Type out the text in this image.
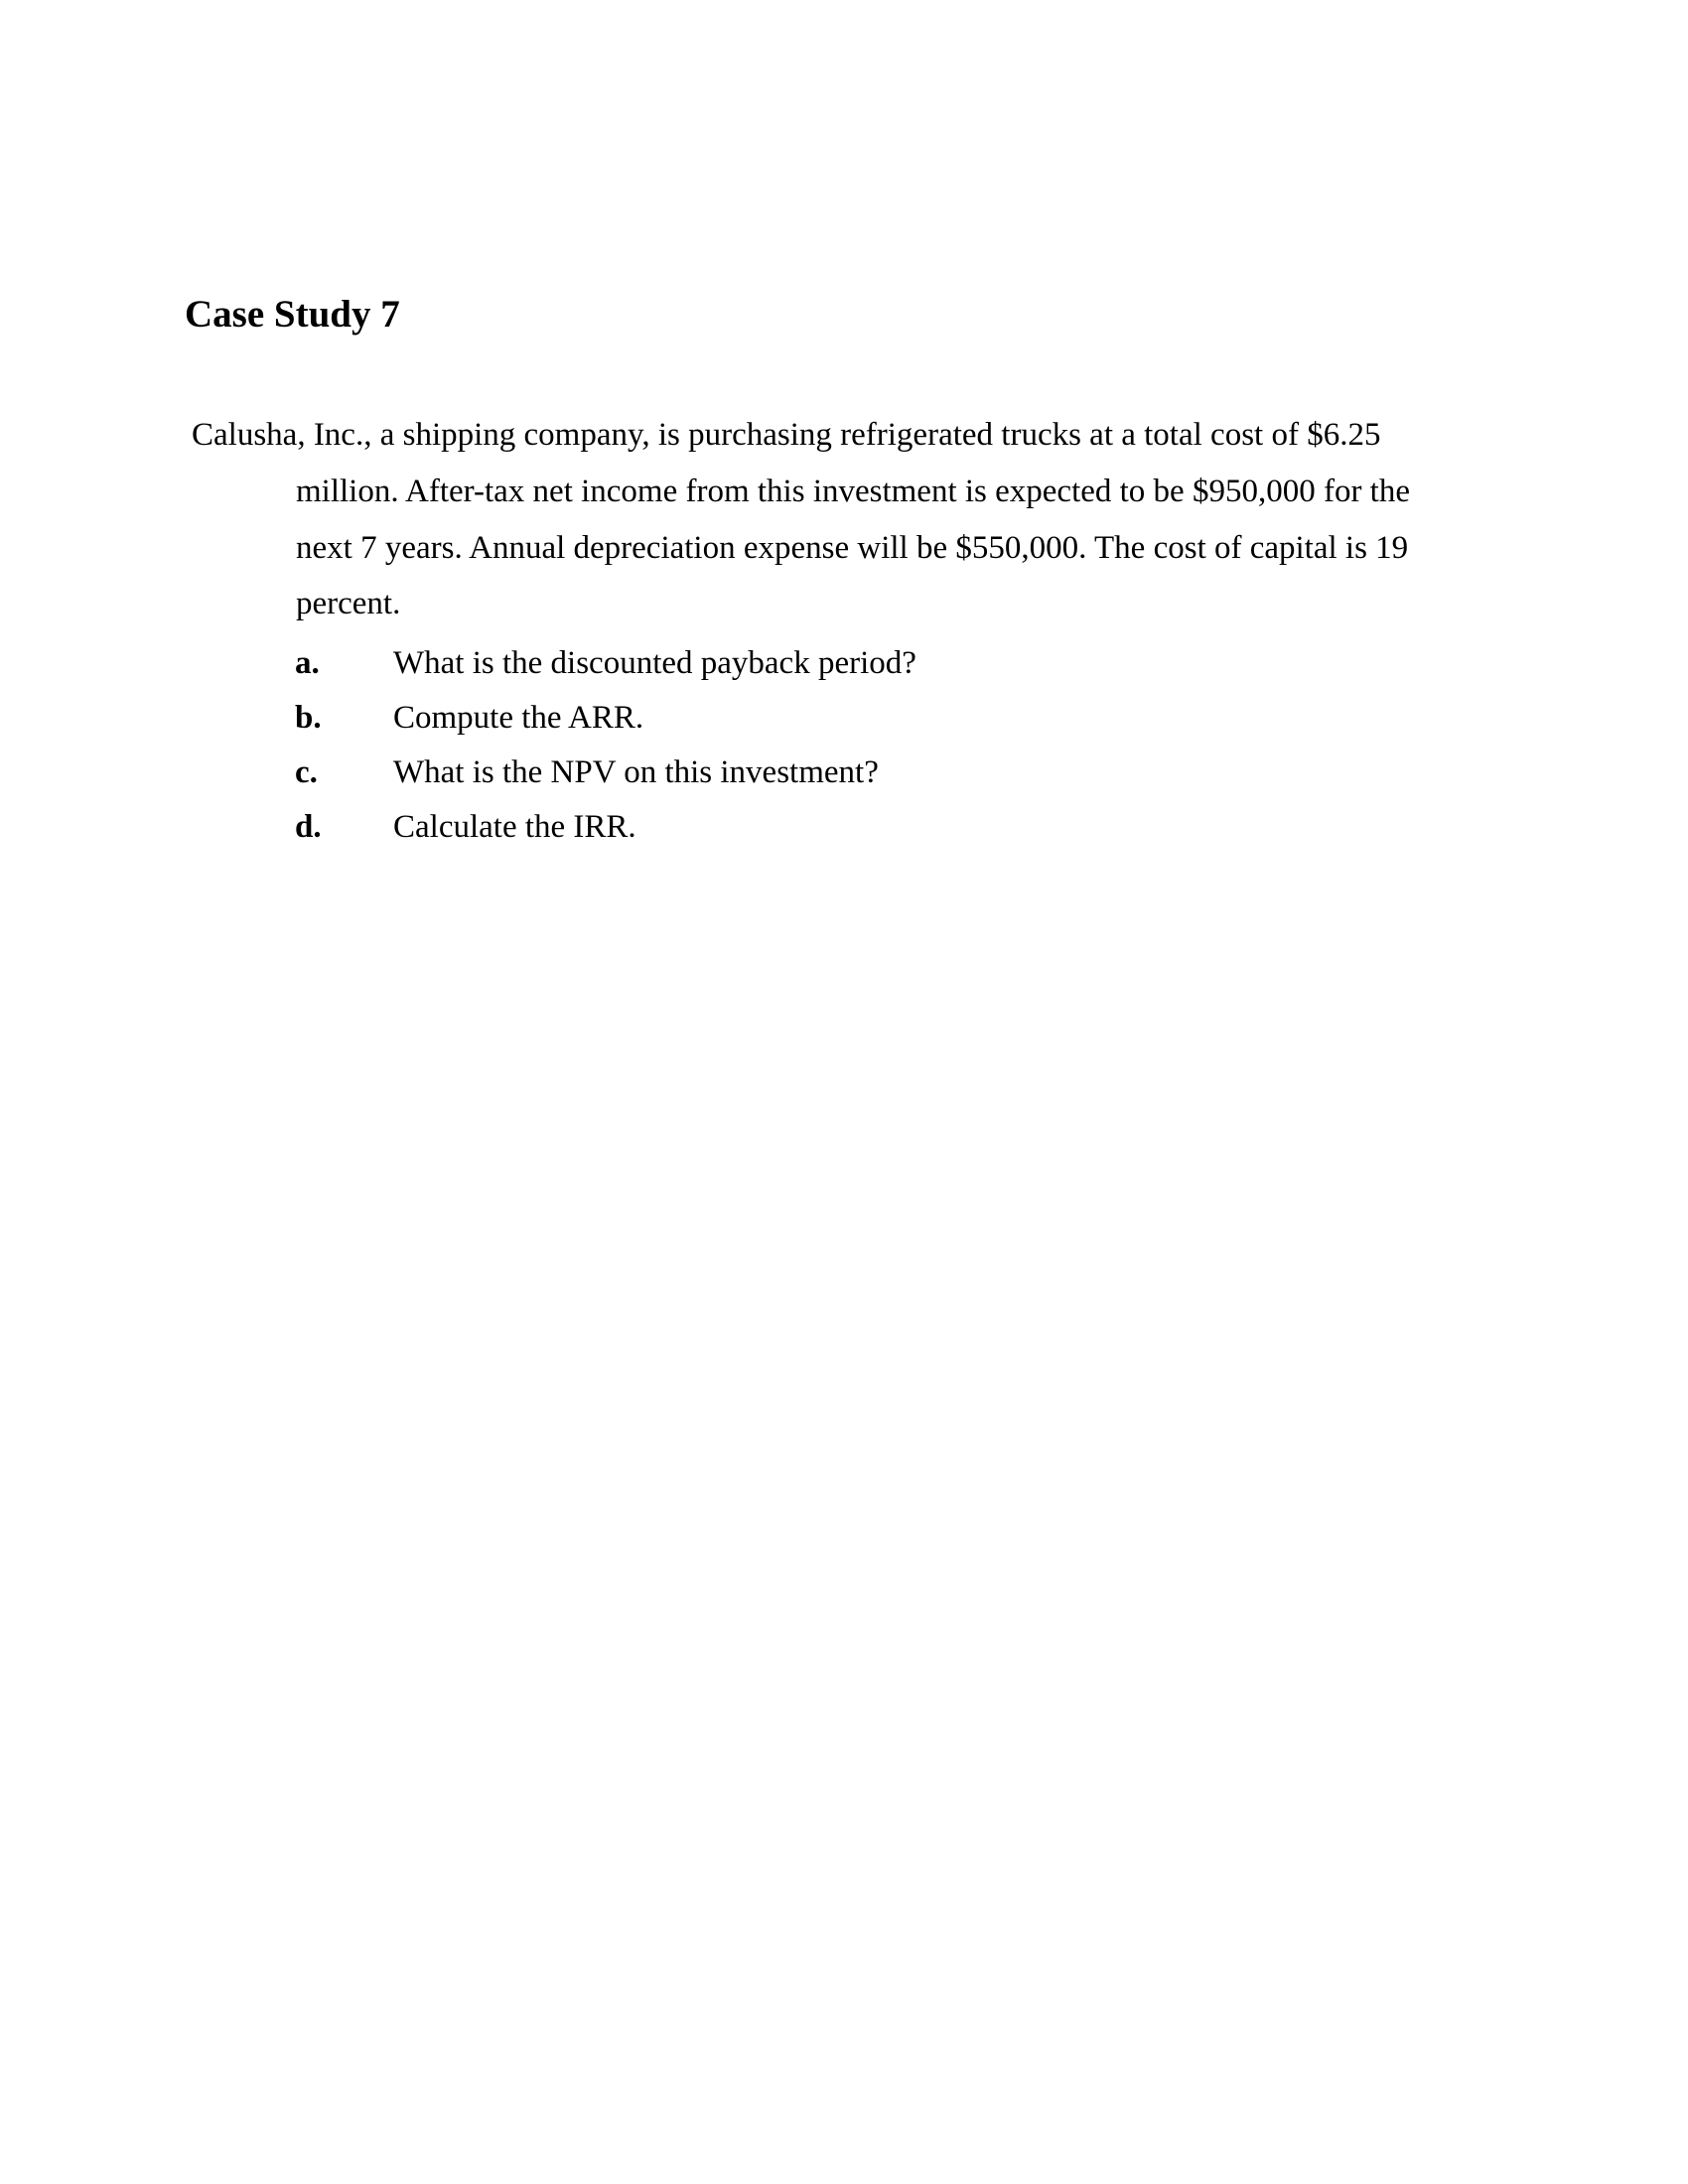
Case Study 7
Calusha, Inc., a shipping company, is purchasing refrigerated trucks at a total cost of $6.25
million. After-tax net income from this investment is expected to be $950,000 for the
next 7 years. Annual depreciation expense will be $550,000. The cost of capital is 19
percent.
a. What is the discounted payback period?
b. Compute the ARR.
c. What is the NPV on this investment?
d. Calculate the IRR.
